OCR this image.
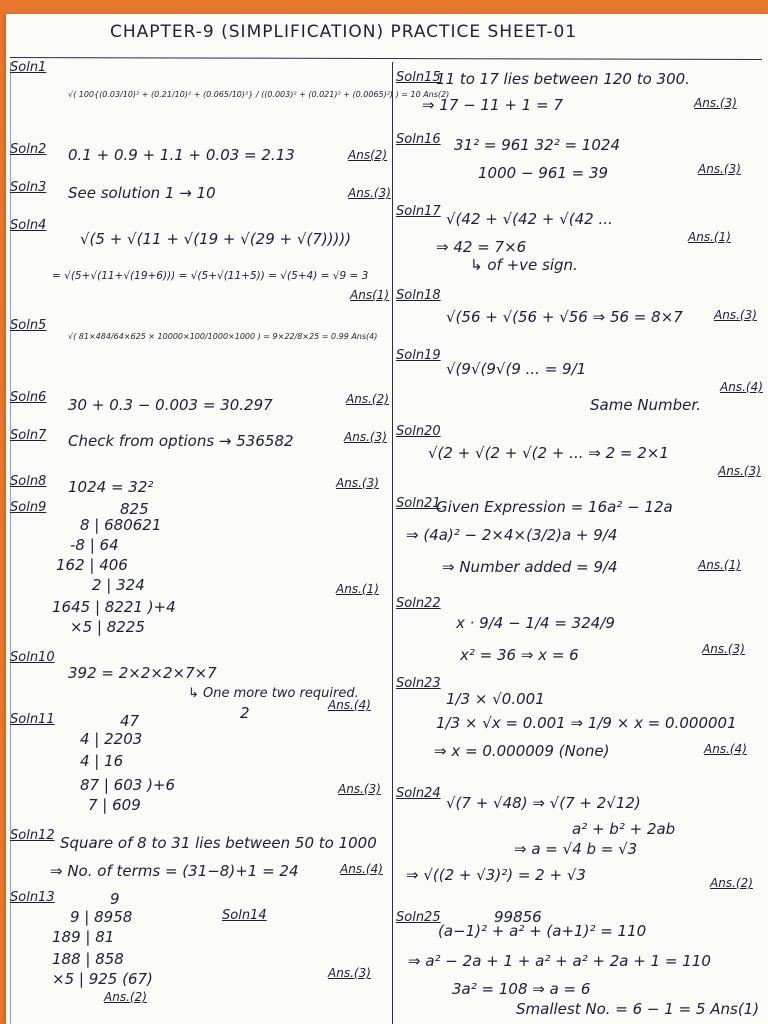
CHAPTER-9 (SIMPLIFICATION) PRACTICE SHEET-01
Soln1
√( 100{(0.03/10)² + (0.21/10)² + (0.065/10)²} / ((0.003)² + (0.021)² + (0.0065)²) ) = 10 Ans(2)
Soln2 0.1 + 0.9 + 1.1 + 0.03 = 2.13	Ans(2)
Soln3 See solution 1 → 10	Ans.(3)
Soln4
√(5 + √(11 + √(19 + √(29 + √(7)))))
= √(5+√(11+√(19+6))) = √(5+√(11+5)) = √(5+4) = √9 = 3
Ans(1)
Soln5
√( 81×484/64×625 × 10000×100/1000×1000 ) = 9×22/8×25 = 0.99 Ans(4)
Soln6 30 + 0.3 − 0.003 = 30.297	Ans.(2)
Soln7 Check from options → 536582	Ans.(3)
Soln8 1024 = 32²	Ans.(3)
Soln9	825
8 | 680621
-8 | 64
162 | 406
2 | 324
1645 | 8221 )+4
×5 | 8225
Ans.(1)
Soln10
392 = 2×2×2×7×7
↳ One more two required.
2	Ans.(4)
Soln11	47
4 | 2203
4 | 16
87 | 603 )+6
7 | 609
Ans.(3)
Soln12 Square of 8 to 31 lies between 50 to 1000
⇒ No. of terms = (31−8)+1 = 24	Ans.(4)
Soln13	9
9 | 8958
189 | 81
188 | 858
×5 | 925 (67)	Ans.(3)
Soln14	99856
Ans.(2)
Soln15
11 to 17 lies between 120 to 300.
⇒ 17 − 11 + 1 = 7	Ans.(3)
Soln16 31² = 961 32² = 1024
1000 − 961 = 39	Ans.(3)
Soln17 √(42 + √(42 + √(42 ...
⇒ 42 = 7×6
↳ of +ve sign.
Ans.(1)
Soln18
√(56 + √(56 + √56 ⇒ 56 = 8×7	Ans.(3)
Soln19
√(9√(9√(9 ... = 9/1
Same Number.
Ans.(4)
Soln20
√(2 + √(2 + √(2 + ... ⇒ 2 = 2×1
Ans.(3)
Soln21
Given Expression = 16a² − 12a
⇒ (4a)² − 2×4×(3/2)a + 9/4
⇒ Number added = 9/4	Ans.(1)
Soln22
x · 9/4 − 1/4 = 324/9
x² = 36 ⇒ x = 6	Ans.(3)
Soln23
1/3 × √0.001
1/3 × √x = 0.001 ⇒ 1/9 × x = 0.000001
⇒ x = 0.000009 (None)	Ans.(4)
Soln24
√(7 + √48) ⇒ √(7 + 2√12)
a² + b² + 2ab
⇒ a = √4 b = √3
⇒ √((2 + √3)²) = 2 + √3	Ans.(2)
Soln25
(a−1)² + a² + (a+1)² = 110
⇒ a² − 2a + 1 + a² + a² + 2a + 1 = 110
3a² = 108 ⇒ a = 6
Smallest No. = 6 − 1 = 5 Ans(1)
